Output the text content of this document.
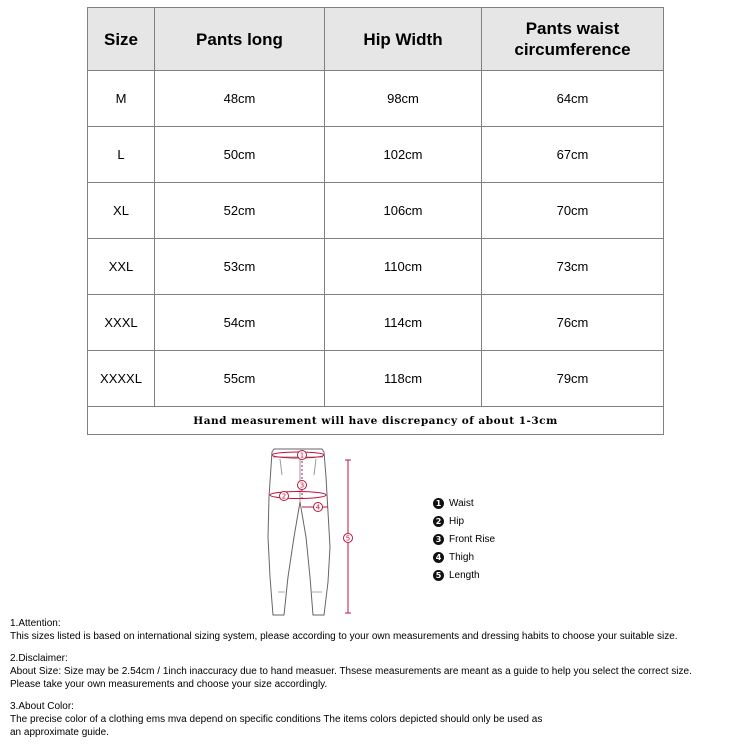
Size	Pants long	Hip Width	Pants waist circumference
M	48cm	98cm	64cm
L	50cm	102cm	67cm
XL	52cm	106cm	70cm
XXL	53cm	110cm	73cm
XXXL	54cm	114cm	76cm
XXXXL	55cm	118cm	79cm
Hand measurement will have discrepancy of about 1-3cm			
1
2
3
4
5
1 Waist
2 Hip
3 Front Rise
4 Thigh
5 Length
1.Attention:
This sizes listed is based on international sizing system, please according to your own measurements and dressing habits to choose your suitable size.
2.Disclaimer:
About Size: Size may be 2.54cm / 1inch inaccuracy due to hand measuer. Thsese measurements are meant as a guide to help you select the correct size.
Please take your own measurements and choose your size accordingly.
3.About Color:
The precise color of a clothing ems mva depend on specific conditions The items colors depicted should only be used as
an approximate guide.
